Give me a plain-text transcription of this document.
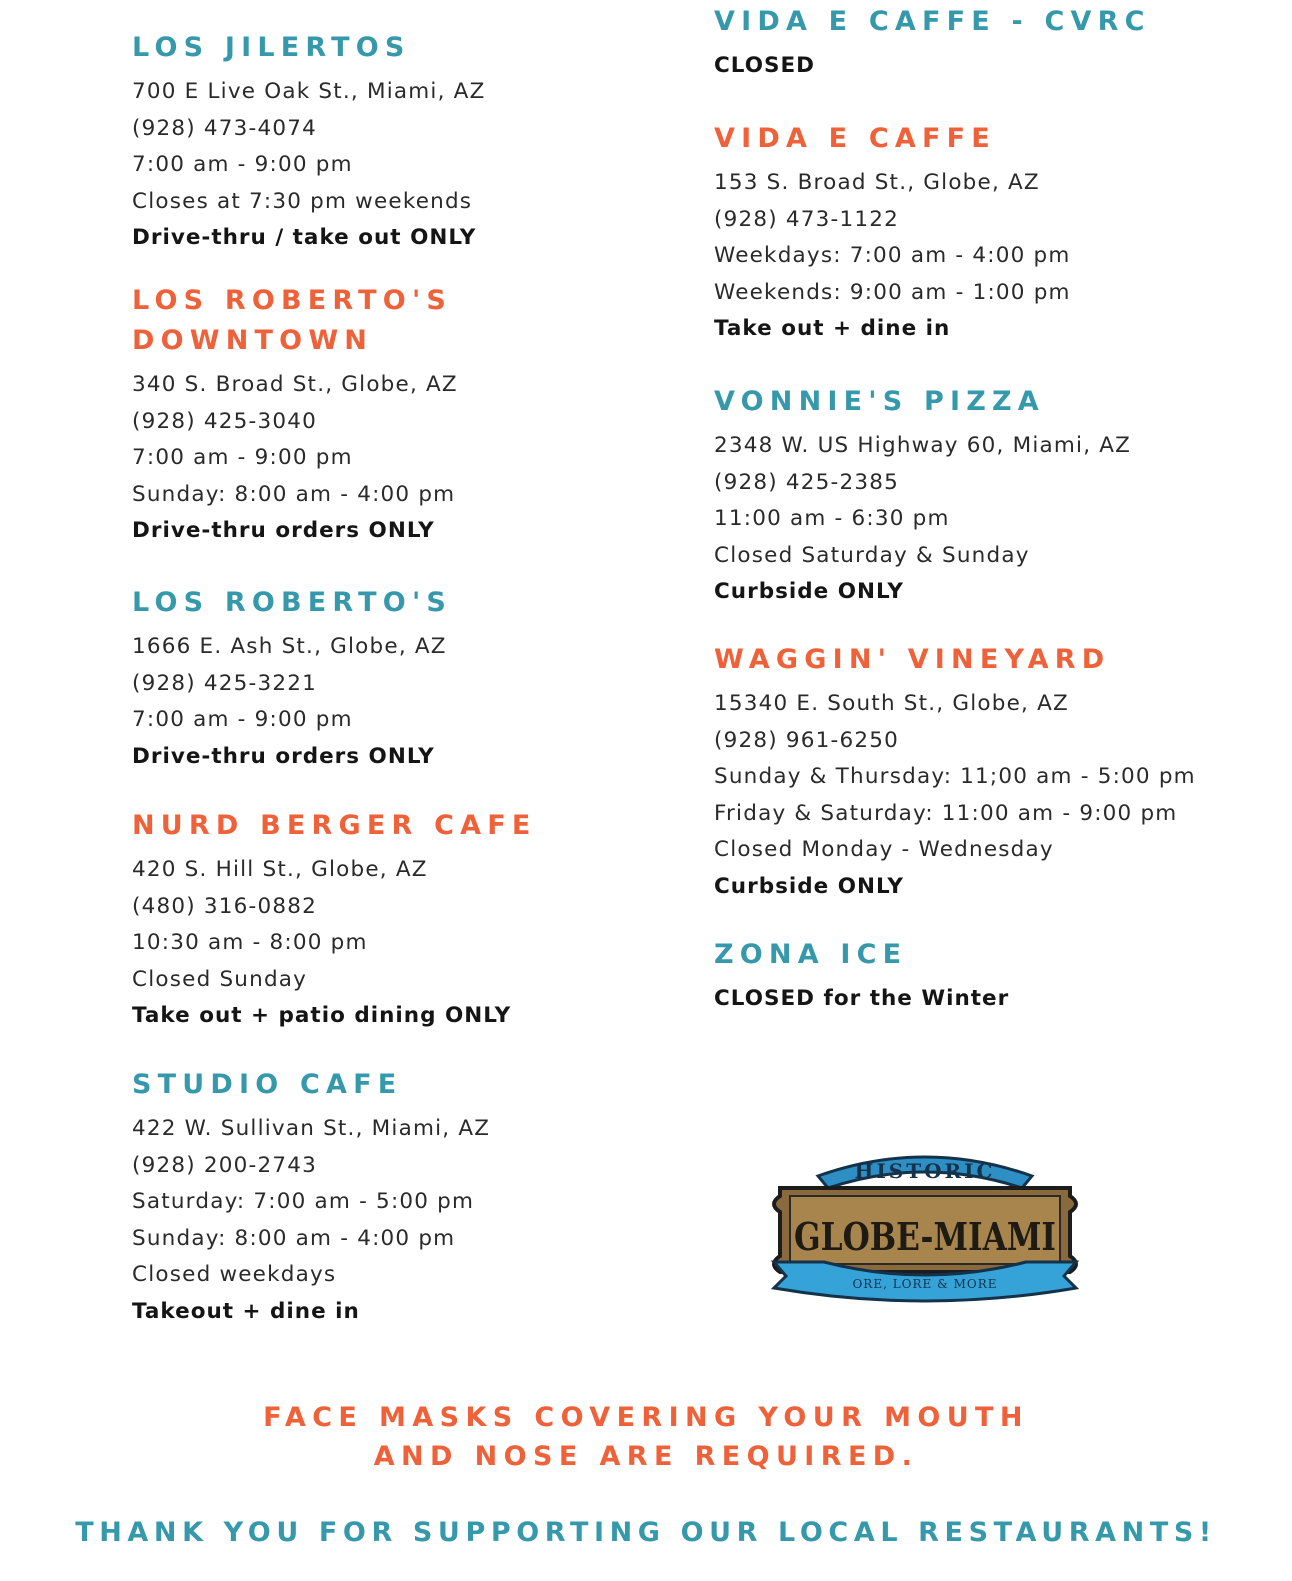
LOS JILERTOS
700 E Live Oak St., Miami, AZ
(928) 473-4074
7:00 am - 9:00 pm
Closes at 7:30 pm weekends
Drive-thru / take out ONLY
LOS ROBERTO'S
DOWNTOWN
340 S. Broad St., Globe, AZ
(928) 425-3040
7:00 am - 9:00 pm
Sunday: 8:00 am - 4:00 pm
Drive-thru orders ONLY
LOS ROBERTO'S
1666 E. Ash St., Globe, AZ
(928) 425-3221
7:00 am - 9:00 pm
Drive-thru orders ONLY
NURD BERGER CAFE
420 S. Hill St., Globe, AZ
(480) 316-0882
10:30 am - 8:00 pm
Closed Sunday
Take out + patio dining ONLY
STUDIO CAFE
422 W. Sullivan St., Miami, AZ
(928) 200-2743
Saturday: 7:00 am - 5:00 pm
Sunday: 8:00 am - 4:00 pm
Closed weekdays
Takeout + dine in
VIDA E CAFFE - CVRC
CLOSED
VIDA E CAFFE
153 S. Broad St., Globe, AZ
(928) 473-1122
Weekdays: 7:00 am - 4:00 pm
Weekends: 9:00 am - 1:00 pm
Take out + dine in
VONNIE'S PIZZA
2348 W. US Highway 60, Miami, AZ
(928) 425-2385
11:00 am - 6:30 pm
Closed Saturday & Sunday
Curbside ONLY
WAGGIN' VINEYARD
15340 E. South St., Globe, AZ
(928) 961-6250
Sunday & Thursday: 11;00 am - 5:00 pm
Friday & Saturday: 11:00 am - 9:00 pm
Closed Monday - Wednesday
Curbside ONLY
ZONA ICE
CLOSED for the Winter
HISTORIC
GLOBE-MIAMI
ORE, LORE & MORE
FACE MASKS COVERING YOUR MOUTH
AND NOSE ARE REQUIRED.
THANK YOU FOR SUPPORTING OUR LOCAL RESTAURANTS!
